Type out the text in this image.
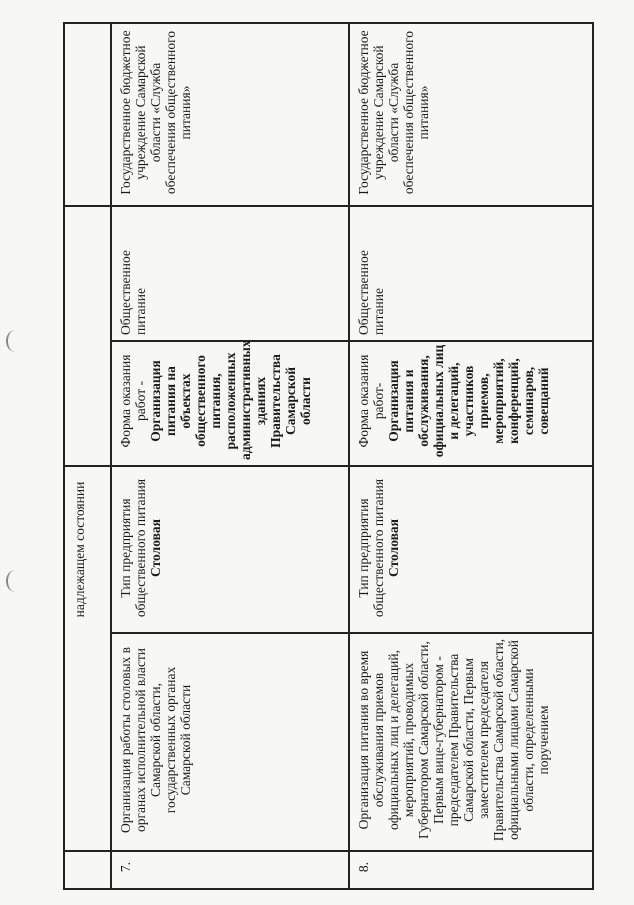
надлежащем состоянии
7.
Организация работы столовых в органах исполнительной власти Самарской области, государственных органах Самарской области
Тип предприятия общественного питания
Столовая
Форма оказания работ - Организация питания на объектах общественного питания, расположенных административных зданиях Правительства Самарской области
Общественное питание
Государственное бюджетное учреждение Самарской области «Служба обеспечения общественного питания»
8.
Организация питания во время обслуживания приемов официальных лиц и делегаций, мероприятий, проводимых Губернатором Самарской области, Первым вице-губернатором - председателем Правительства Самарской области, Первым заместителем председателя Правительства Самарской области, официальными лицами Самарской области, определенными поручением
Тип предприятия общественного питания
Столовая
Форма оказания работ- Организация питания и обслуживания, официальных лиц и делегаций, участников приемов, мероприятий, конференций, семинаров, совещаний
Общественное питание
Государственное бюджетное учреждение Самарской области «Служба обеспечения общественного питания»
